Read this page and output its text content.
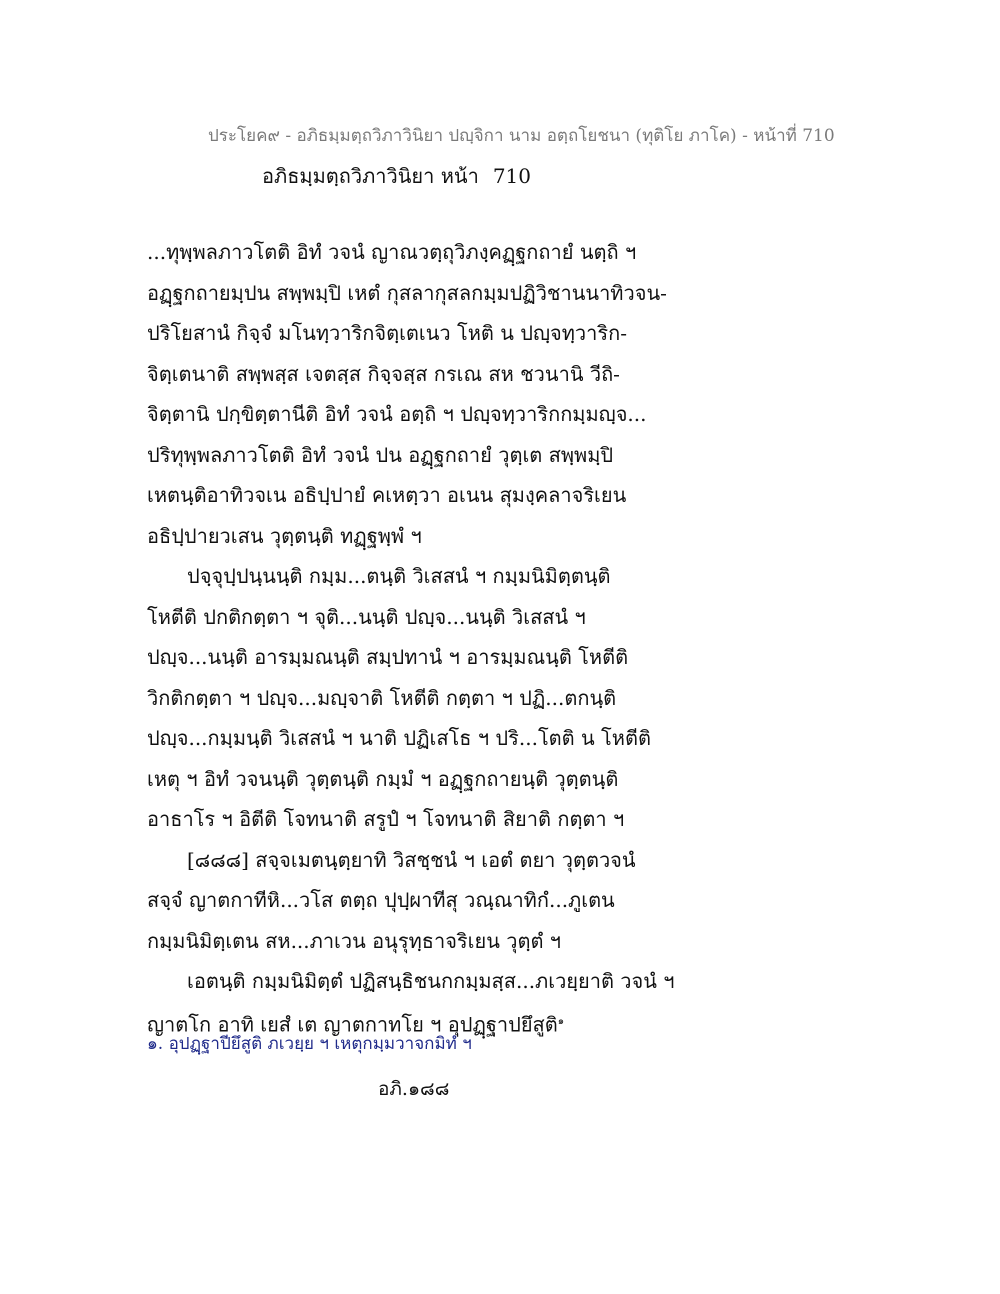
ประโยค๙ - อภิธมฺมตฺถวิภาวินิยา ปญฺจิกา นาม อตฺถโยชนา (ทุติโย ภาโค) - หน้าที่ 710
อภิธมฺมตฺถวิภาวินิยา หน้า 710
...ทุพฺพลภาวโตติ อิทํ วจนํ ญาณวตฺถุวิภงฺคฏฺฐกถายํ นตฺถิ ฯ
อฏฺฐกถายมฺปน สพฺพมฺปิ เหตํ กุสลากุสลกมฺมปฏิวิชานนาทิวจน-
ปริโยสานํ กิจฺจํ มโนทฺวาริกจิตฺเตเนว โหติ น ปญฺจทฺวาริก-
จิตฺเตนาติ สพฺพสฺส เจตสฺส กิจฺจสฺส กรเณ สห ชวนานิ วีถิ-
จิตฺตานิ ปกฺขิตฺตานีติ อิทํ วจนํ อตฺถิ ฯ ปญฺจทฺวาริกกมฺมญฺจ...
ปริทุพฺพลภาวโตติ อิทํ วจนํ ปน อฏฺฐกถายํ วุตฺเต สพฺพมฺปิ
เหตนฺติอาทิวจเน อธิปฺปายํ คเหตฺวา อเนน สุมงฺคลาจริเยน
อธิปฺปายวเสน วุตฺตนฺติ ทฏฺฐพฺพํ ฯ
ปจฺจุปฺปนฺนนฺติ กมฺม...ตนฺติ วิเสสนํ ฯ กมฺมนิมิตฺตนฺติ
โหตีติ ปกติกตฺตา ฯ จุติ...นนฺติ ปญฺจ...นนฺติ วิเสสนํ ฯ
ปญฺจ...นนฺติ อารมฺมณนฺติ สมฺปทานํ ฯ อารมฺมณนฺติ โหตีติ
วิกติกตฺตา ฯ ปญฺจ...มญฺจาติ โหตีติ กตฺตา ฯ ปฏิ...ตกนฺติ
ปญฺจ...กมฺมนฺติ วิเสสนํ ฯ นาติ ปฏิเสโธ ฯ ปริ...โตติ น โหตีติ
เหตุ ฯ อิทํ วจนนฺติ วุตฺตนฺติ กมฺมํ ฯ อฏฺฐกถายนฺติ วุตฺตนฺติ
อาธาโร ฯ อิตีติ โจทนาติ สรูปํ ฯ โจทนาติ สิยาติ กตฺตา ฯ
[๘๘๘] สจฺจเมตนฺตฺยาทิ วิสชฺชนํ ฯ เอตํ ตยา วุตฺตวจนํ
สจฺจํ ญาตกาทีหิ...วโส ตตฺถ ปุปฺผาทีสุ วณฺณาทิกํ...ภูเตน
กมฺมนิมิตฺเตน สห...ภาเวน อนุรุทฺธาจริเยน วุตฺตํ ฯ
เอตนฺติ กมฺมนิมิตฺตํ ปฏิสนฺธิชนกกมฺมสฺส...ภเวยฺยาติ วจนํ ฯ
ญาตโก อาทิ เยสํ เต ญาตกาทโย ฯ อุปฏฺฐาปยึสูติ$^๑$
๑. อุปฏฺฐาปียึสูติ ภเวยฺย ฯ เหตุกมฺมวาจกมิทํ ฯ
อภิ.๑๘๘
